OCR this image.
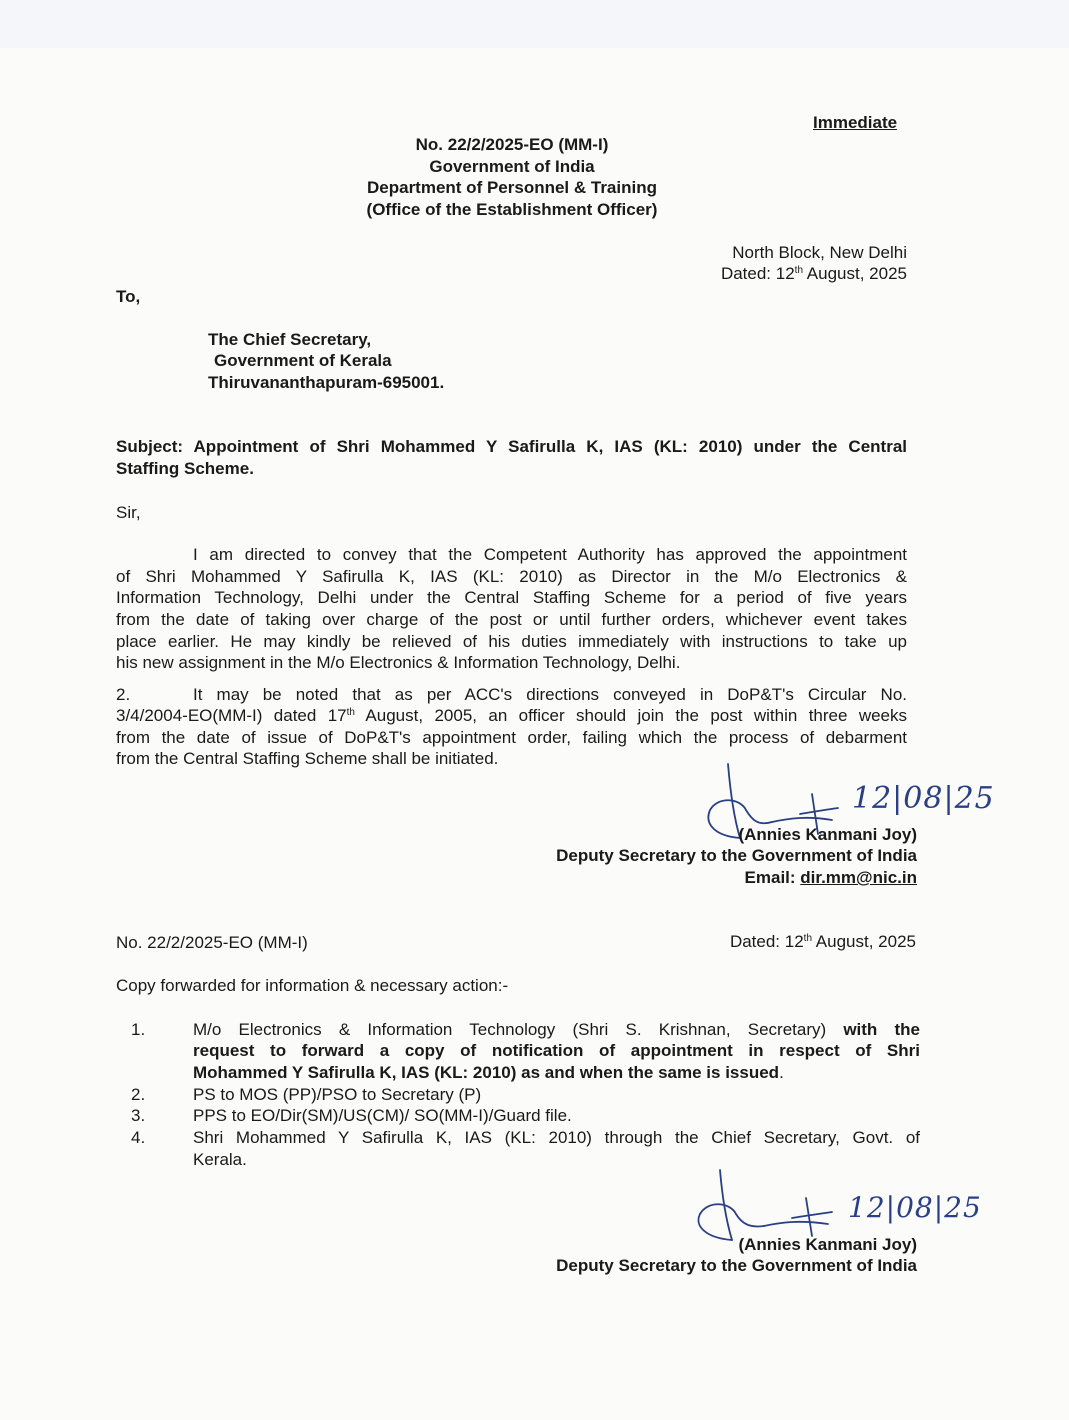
Immediate
No. 22/2/2025-EO (MM-I)
Government of India
Department of Personnel & Training
(Office of the Establishment Officer)
North Block, New Delhi
Dated: 12th August, 2025
To,
The Chief Secretary,
Government of Kerala
Thiruvananthapuram-695001.
Subject: Appointment of Shri Mohammed Y Safirulla K, IAS (KL: 2010) under the Central
Staffing Scheme.
Sir,
I am directed to convey that the Competent Authority has approved the appointment
of Shri Mohammed Y Safirulla K, IAS (KL: 2010) as Director in the M/o Electronics &
Information Technology, Delhi under the Central Staffing Scheme for a period of five years
from the date of taking over charge of the post or until further orders, whichever event takes
place earlier. He may kindly be relieved of his duties immediately with instructions to take up
his new assignment in the M/o Electronics & Information Technology, Delhi.
2.	It may be noted that as per ACC's directions conveyed in DoP&T's Circular No.
3/4/2004-EO(MM-I) dated 17th August, 2005, an officer should join the post within three weeks
from the date of issue of DoP&T's appointment order, failing which the process of debarment
from the Central Staffing Scheme shall be initiated.
12|08|25
(Annies Kanmani Joy)
Deputy Secretary to the Government of India
Email: dir.mm@nic.in
No. 22/2/2025-EO (MM-I)	Dated: 12th August, 2025
Copy forwarded for information & necessary action:-
1.	M/o Electronics & Information Technology (Shri S. Krishnan, Secretary) with the
request to forward a copy of notification of appointment in respect of Shri
Mohammed Y Safirulla K, IAS (KL: 2010) as and when the same is issued.
2.	PS to MOS (PP)/PSO to Secretary (P)
3.	PPS to EO/Dir(SM)/US(CM)/ SO(MM-I)/Guard file.
4.	Shri Mohammed Y Safirulla K, IAS (KL: 2010) through the Chief Secretary, Govt. of
Kerala.
12|08|25
(Annies Kanmani Joy)
Deputy Secretary to the Government of India
